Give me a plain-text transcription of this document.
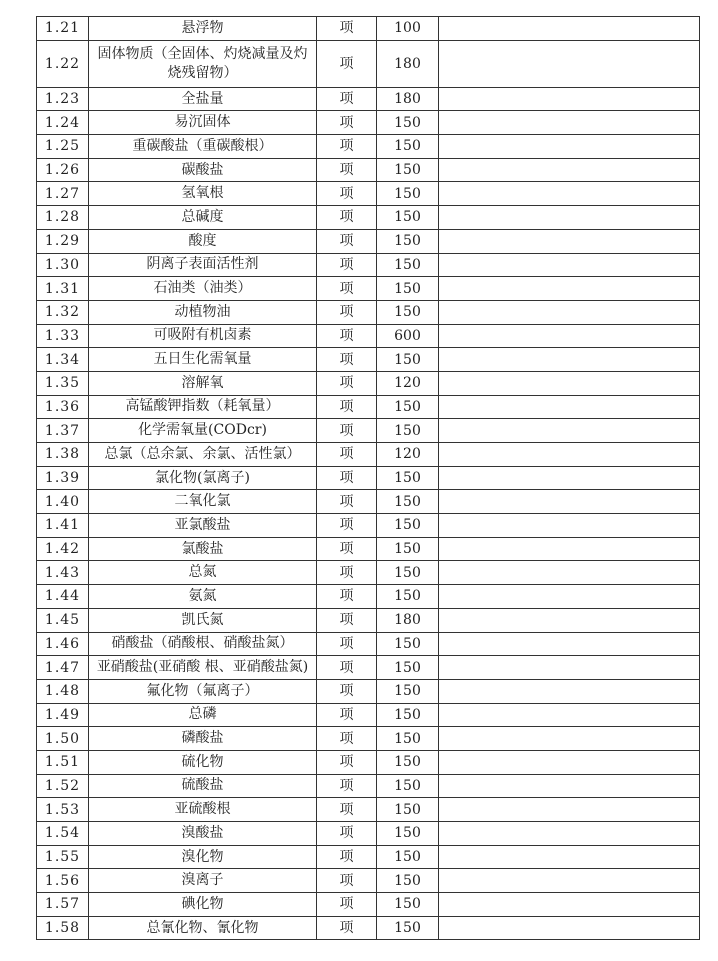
1.21	悬浮物	项	100	
1.22	固体物质（全固体、灼烧减量及灼烧残留物）	项	180	
1.23	全盐量	项	180	
1.24	易沉固体	项	150	
1.25	重碳酸盐（重碳酸根）	项	150	
1.26	碳酸盐	项	150	
1.27	氢氧根	项	150	
1.28	总碱度	项	150	
1.29	酸度	项	150	
1.30	阴离子表面活性剂	项	150	
1.31	石油类（油类）	项	150	
1.32	动植物油	项	150	
1.33	可吸附有机卤素	项	600	
1.34	五日生化需氧量	项	150	
1.35	溶解氧	项	120	
1.36	高锰酸钾指数（耗氧量）	项	150	
1.37	化学需氧量(CODcr)	项	150	
1.38	总氯（总余氯、余氯、活性氯）	项	120	
1.39	氯化物(氯离子)	项	150	
1.40	二氧化氯	项	150	
1.41	亚氯酸盐	项	150	
1.42	氯酸盐	项	150	
1.43	总氮	项	150	
1.44	氨氮	项	150	
1.45	凯氏氮	项	180	
1.46	硝酸盐（硝酸根、硝酸盐氮）	项	150	
1.47	亚硝酸盐(亚硝酸 根、亚硝酸盐氮)	项	150	
1.48	氟化物（氟离子）	项	150	
1.49	总磷	项	150	
1.50	磷酸盐	项	150	
1.51	硫化物	项	150	
1.52	硫酸盐	项	150	
1.53	亚硫酸根	项	150	
1.54	溴酸盐	项	150	
1.55	溴化物	项	150	
1.56	溴离子	项	150	
1.57	碘化物	项	150	
1.58	总氰化物、氰化物	项	150	
